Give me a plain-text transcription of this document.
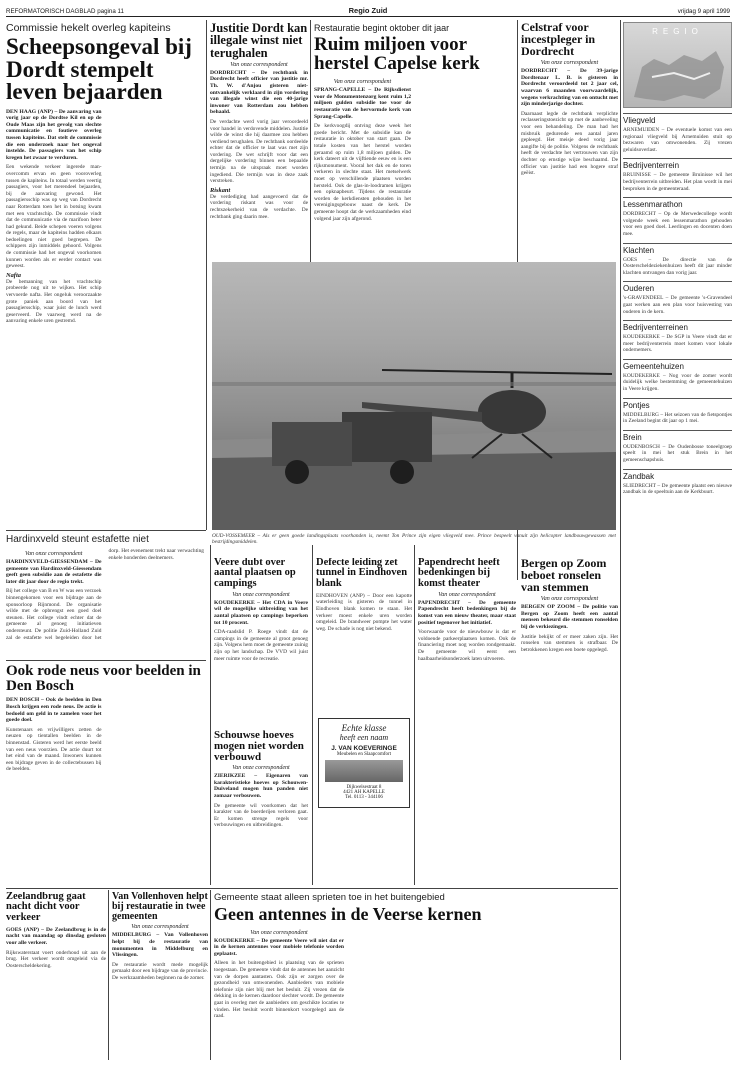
REFORMATORISCH DAGBLAD pagina 11	Regio Zuid	vrijdag 9 april 1999
Commissie hekelt overleg kapiteins
Scheepsongeval bij Dordt stempelt leven bejaarden

DEN HAAG (ANP) – De aanvaring van vorig jaar op de Dordtse Kil en op de Oude Maas zijn het gevolg van slechte communicatie en foutieve overleg tussen kapiteins. Dat stelt de commissie die een onderzoek naar het ongeval instelde. De passagiers van het schip kregen het zwaar te verduren.

Een wekende verkeer ingerede man-overcomm ervan en geen vooroverleg tussen de kapiteins. In totaal werden veertig passagiers, voor het merendeel bejaarden, bij de aanvaring gewond. Het passagiersschip was op weg van Dordrecht naar Rotterdam toen het in botsing kwam met een vrachtschip. De commissie vindt dat de communicatie via de marifoon beter had gekund. Beide schepen voeren volgens de regels, maar de kapiteins hadden elkaars bedoelingen niet goed begrepen. De schippers zijn inmiddels gehoord. Volgens de commissie had het ongeval voorkomen kunnen worden als er eerder contact was geweest.

Nafta

De bemanning van het vrachtschip probeerde nog uit te wijken. Het schip vervoerde nafta. Het ongeluk veroorzaakte grote paniek aan boord van het passagiersschip, waar juist de lunch werd geserveerd. De vaarweg werd na de aanvaring enkele uren gestremd.

Justitie Dordt kan illegale winst niet terughalen

Van onze correspondent

DORDRECHT – De rechtbank in Dordrecht heeft officier van justitie mr. Th. W. d'Anjou gisteren niet-ontvankelijk verklaard in zijn vordering van illegale winst die een 40-jarige inwoner van Rotterdam zou hebben behaald.

De verdachte werd vorig jaar veroordeeld voor handel in verdovende middelen. Justitie wilde de winst die hij daarmee zou hebben verdiend terughalen. De rechtbank oordeelde echter dat de officier te laat was met zijn vordering. De wet schrijft voor dat een dergelijke vordering binnen een bepaalde termijn na de uitspraak moet worden ingediend. Die termijn was in deze zaak verstreken.

Riskant

De verdediging had aangevoerd dat de vordering riskant was voor de rechtszekerheid van de verdachte. De rechtbank ging daarin mee.

Restauratie begint oktober dit jaar
Ruim miljoen voor herstel Capelse kerk

Van onze correspondent

SPRANG-CAPELLE – De Rijksdienst voor de Monumentenzorg kent ruim 1,2 miljoen gulden subsidie toe voor de restauratie van de hervormde kerk van Sprang-Capelle.

De kerkvoogdij ontving deze week het goede bericht. Met de subsidie kan de restauratie in oktober van start gaan. De totale kosten van het herstel worden geraamd op ruim 1,8 miljoen gulden. De kerk dateert uit de vijftiende eeuw en is een rijksmonument. Vooral het dak en de toren verkeren in slechte staat. Het metselwerk moet op verschillende plaatsen worden hersteld. Ook de glas-in-loodramen krijgen een opknapbeurt. Tijdens de restauratie worden de kerkdiensten gehouden in het verenigingsgebouw naast de kerk. De gemeente hoopt dat de werkzaamheden eind volgend jaar zijn afgerond.

Celstraf voor incestpleger in Dordrecht

Van onze correspondent

DORDRECHT – De 39-jarige Dordtenaar L. B. is gisteren in Dordrecht veroordeeld tot 2 jaar cel, waarvan 6 maanden voorwaardelijk, wegens verkrachting van en ontucht met zijn minderjarige dochter.

Daarnaast legde de rechtbank verplichte reclasseringstoezicht op met de aanbeveling voor een behandeling. De man had het misbruik gedurende een aantal jaren gepleegd. Het meisje deed vorig jaar aangifte bij de politie. Volgens de rechtbank heeft de verdachte het vertrouwen van zijn dochter op ernstige wijze beschaamd. De officier van justitie had een hogere straf geëist.

REGIO
Vliegveld

ARNEMUIDEN – De eventuele komst van een regionaal vliegveld bij Arnemuiden stuit op bezwaren van omwonenden. Zij vrezen geluidsoverlast.

Bedrijventerrein

BRUINISSE – De gemeente Bruinisse wil het bedrijventerrein uitbreiden. Het plan wordt in mei besproken in de gemeenteraad.

Lessenmarathon

DORDRECHT – Op de Merwedecollege wordt volgende week een lessenmarathon gehouden voor een goed doel. Leerlingen en docenten doen mee.

Klachten

GOES – De directie van de Oosterscheldeziekenhuizen heeft dit jaar minder klachten ontvangen dan vorig jaar.

Ouderen

's-GRAVENDEEL – De gemeente 's-Gravendeel gaat werken aan een plan voor huisvesting van ouderen in de kern.

Bedrijventerreinen

KOUDEKERKE – De SGP in Veere vindt dat er meer bedrijventerrein moet komen voor lokale ondernemers.

Gemeentehuizen

KOUDEKERKE – Nog voor de zomer wordt duidelijk welke bestemming de gemeentehuizen in Veere krijgen.

Pontjes

MIDDELBURG – Het seizoen van de fietspontjes in Zeeland begint dit jaar op 1 mei.

Brein

OUDENBOSCH – De Oudenbosse toneelgroep speelt in mei het stuk Brein in het gemeenschapshuis.

Zandbak

SLIEDRECHT – De gemeente plaatst een nieuwe zandbak in de speeltuin aan de Kerkbuurt.

OUD-VOSSEMEER – Als er geen goede landingsplaats voorhanden is, neemt Ton Prince zijn eigen vliegveld mee. Prince bespeelt vanuit zijn helicopter landbouwgewassen met bestrijdingsmiddelen.

Hardinxveld steunt estafette niet

Van onze correspondent

HARDINXVELD-GIESSENDAM – De gemeente van Hardinxveld-Giessendam geeft geen subsidie aan de estafette die later dit jaar door de regio trekt.

Bij het college van B en W was een verzoek binnengekomen voor een bijdrage aan de sponsorloop Rijnmond. De organisatie wilde met de opbrengst een goed doel steunen. Het college vindt echter dat de gemeente al genoeg initiatieven ondersteunt. De politie Zuid-Holland Zuid zal de estafette wel begeleiden door het dorp. Het evenement trekt naar verwachting enkele honderden deelnemers.

Ook rode neus voor beelden in Den Bosch

DEN BOSCH – Ook de beelden in Den Bosch krijgen een rode neus. De actie is bedoeld om geld in te zamelen voor het goede doel.

Kunstenaars en vrijwilligers zetten de neuzen op tientallen beelden in de binnenstad. Gisteren werd het eerste beeld van een neus voorzien. De actie duurt tot het eind van de maand. Inwoners kunnen een bijdrage geven in de collectebussen bij de beelden.

Veere dubt over aantal plaatsen op campings

Van onze correspondent

KOUDEKERKE – Het CDA in Veere wil de mogelijke uitbreiding van het aantal plaatsen op campings beperken tot 10 procent.

CDA-raadslid P. Roege vindt dat de campings in de gemeente al groot genoeg zijn. Volgens hem moet de gemeente zuinig zijn op het landschap. De VVD wil juist meer ruimte voor de recreatie.

Schouwse hoeves mogen niet worden verbouwd

Van onze correspondent

ZIERIKZEE – Eigenaren van karakteristieke hoeves op Schouwen-Duiveland mogen hun panden niet zomaar verbouwen.

De gemeente wil voorkomen dat het karakter van de boerderijen verloren gaat. Er komen strenge regels voor verbouwingen en uitbreidingen.

Defecte leiding zet tunnel in Eindhoven blank

EINDHOVEN (ANP) – Door een kapotte waterleiding is gisteren de tunnel in Eindhoven blank komen te staan. Het verkeer moest enkele uren worden omgeleid. De brandweer pompte het water weg. De schade is nog niet bekend.

Echte klasse
heeft een naam
J. VAN KOEVERINGE
Meubelen en Slaapcomfort
Dijkwelsestraat 8
4421 AH KAPELLE
Tel. 0113 - 344106
Papendrecht heeft bedenkingen bij komst theater

Van onze correspondent

PAPENDRECHT – De gemeente Papendrecht heeft bedenkingen bij de komst van een nieuw theater, maar staat positief tegenover het initiatief.

Voorwaarde voor de nieuwbouw is dat er voldoende parkeerplaatsen komen. Ook de financiering moet nog worden rondgemaakt. De gemeente wil eerst een haalbaarheidsonderzoek laten uitvoeren.

Bergen op Zoom beboet ronselen van stemmen

Van onze correspondent

BERGEN OP ZOOM – De politie van Bergen op Zoom heeft een aantal mensen bekeurd die stemmen ronselden bij de verkiezingen.

Justitie bekijkt of er meer zaken zijn. Het ronselen van stemmen is strafbaar. De betrokkenen kregen een boete opgelegd.

Zeelandbrug gaat nacht dicht voor verkeer

GOES (ANP) – De Zeelandbrug is in de nacht van maandag op dinsdag gesloten voor alle verkeer.

Rijkswaterstaat voert onderhoud uit aan de brug. Het verkeer wordt omgeleid via de Oosterscheldekering.

Van Vollenhoven helpt bij restauratie in twee gemeenten

Van onze correspondent

MIDDELBURG – Van Vollenhoven helpt bij de restauratie van monumenten in Middelburg en Vlissingen.

De restauratie wordt mede mogelijk gemaakt door een bijdrage van de provincie. De werkzaamheden beginnen na de zomer.

Gemeente staat alleen sprieten toe in het buitengebied
Geen antennes in de Veerse kernen

Van onze correspondent

KOUDEKERKE – De gemeente Veere wil niet dat er in de kernen antennes voor mobiele telefonie worden geplaatst.

Alleen in het buitengebied is plaatsing van de sprieten toegestaan. De gemeente vindt dat de antennes het aanzicht van de dorpen aantasten. Ook zijn er zorgen over de gezondheid van omwonenden. Aanbieders van mobiele telefonie zijn niet blij met het besluit. Zij vrezen dat de dekking in de kernen daardoor slechter wordt. De gemeente gaat in overleg met de aanbieders om geschikte locaties te vinden. Het besluit wordt binnenkort voorgelegd aan de raad.
